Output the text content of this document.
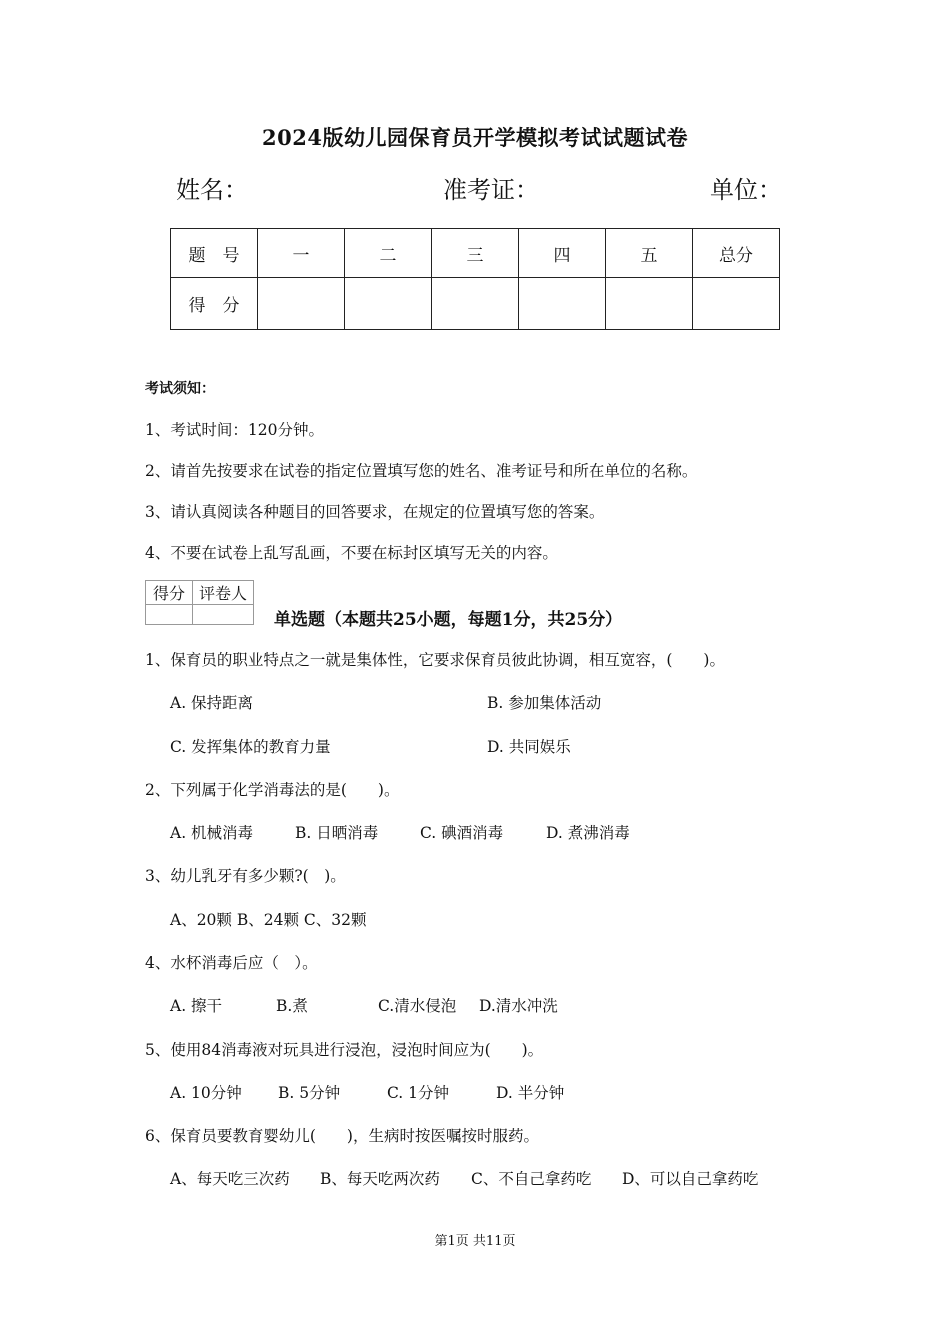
2024版幼儿园保育员开学模拟考试试题试卷
姓名：	准考证：	单位：
题　号	一	二	三	四	五	总分
得　分						
考试须知：
1、考试时间：120分钟。
2、请首先按要求在试卷的指定位置填写您的姓名、准考证号和所在单位的名称。
3、请认真阅读各种题目的回答要求，在规定的位置填写您的答案。
4、不要在试卷上乱写乱画，不要在标封区填写无关的内容。
得分	评卷人

单选题（本题共25小题，每题1分，共25分）
1、保育员的职业特点之一就是集体性，它要求保育员彼此协调，相互宽容，(　　)。
A. 保持距离	B. 参加集体活动
C. 发挥集体的教育力量	D. 共同娱乐
2、下列属于化学消毒法的是(　　)。
A. 机械消毒	B. 日晒消毒	C. 碘酒消毒	D. 煮沸消毒
3、幼儿乳牙有多少颗?(　)。
A、20颗 B、24颗 C、32颗
4、水杯消毒后应（　）。
A. 擦干	B.煮	C.清水侵泡 D.清水冲洗
5、使用84消毒液对玩具进行浸泡，浸泡时间应为(　　)。
A. 10分钟 B. 5分钟	C. 1分钟	D. 半分钟
6、保育员要教育婴幼儿(　　)，生病时按医嘱按时服药。
A、每天吃三次药 B、每天吃两次药 C、不自己拿药吃 D、可以自己拿药吃
第1页 共11页
